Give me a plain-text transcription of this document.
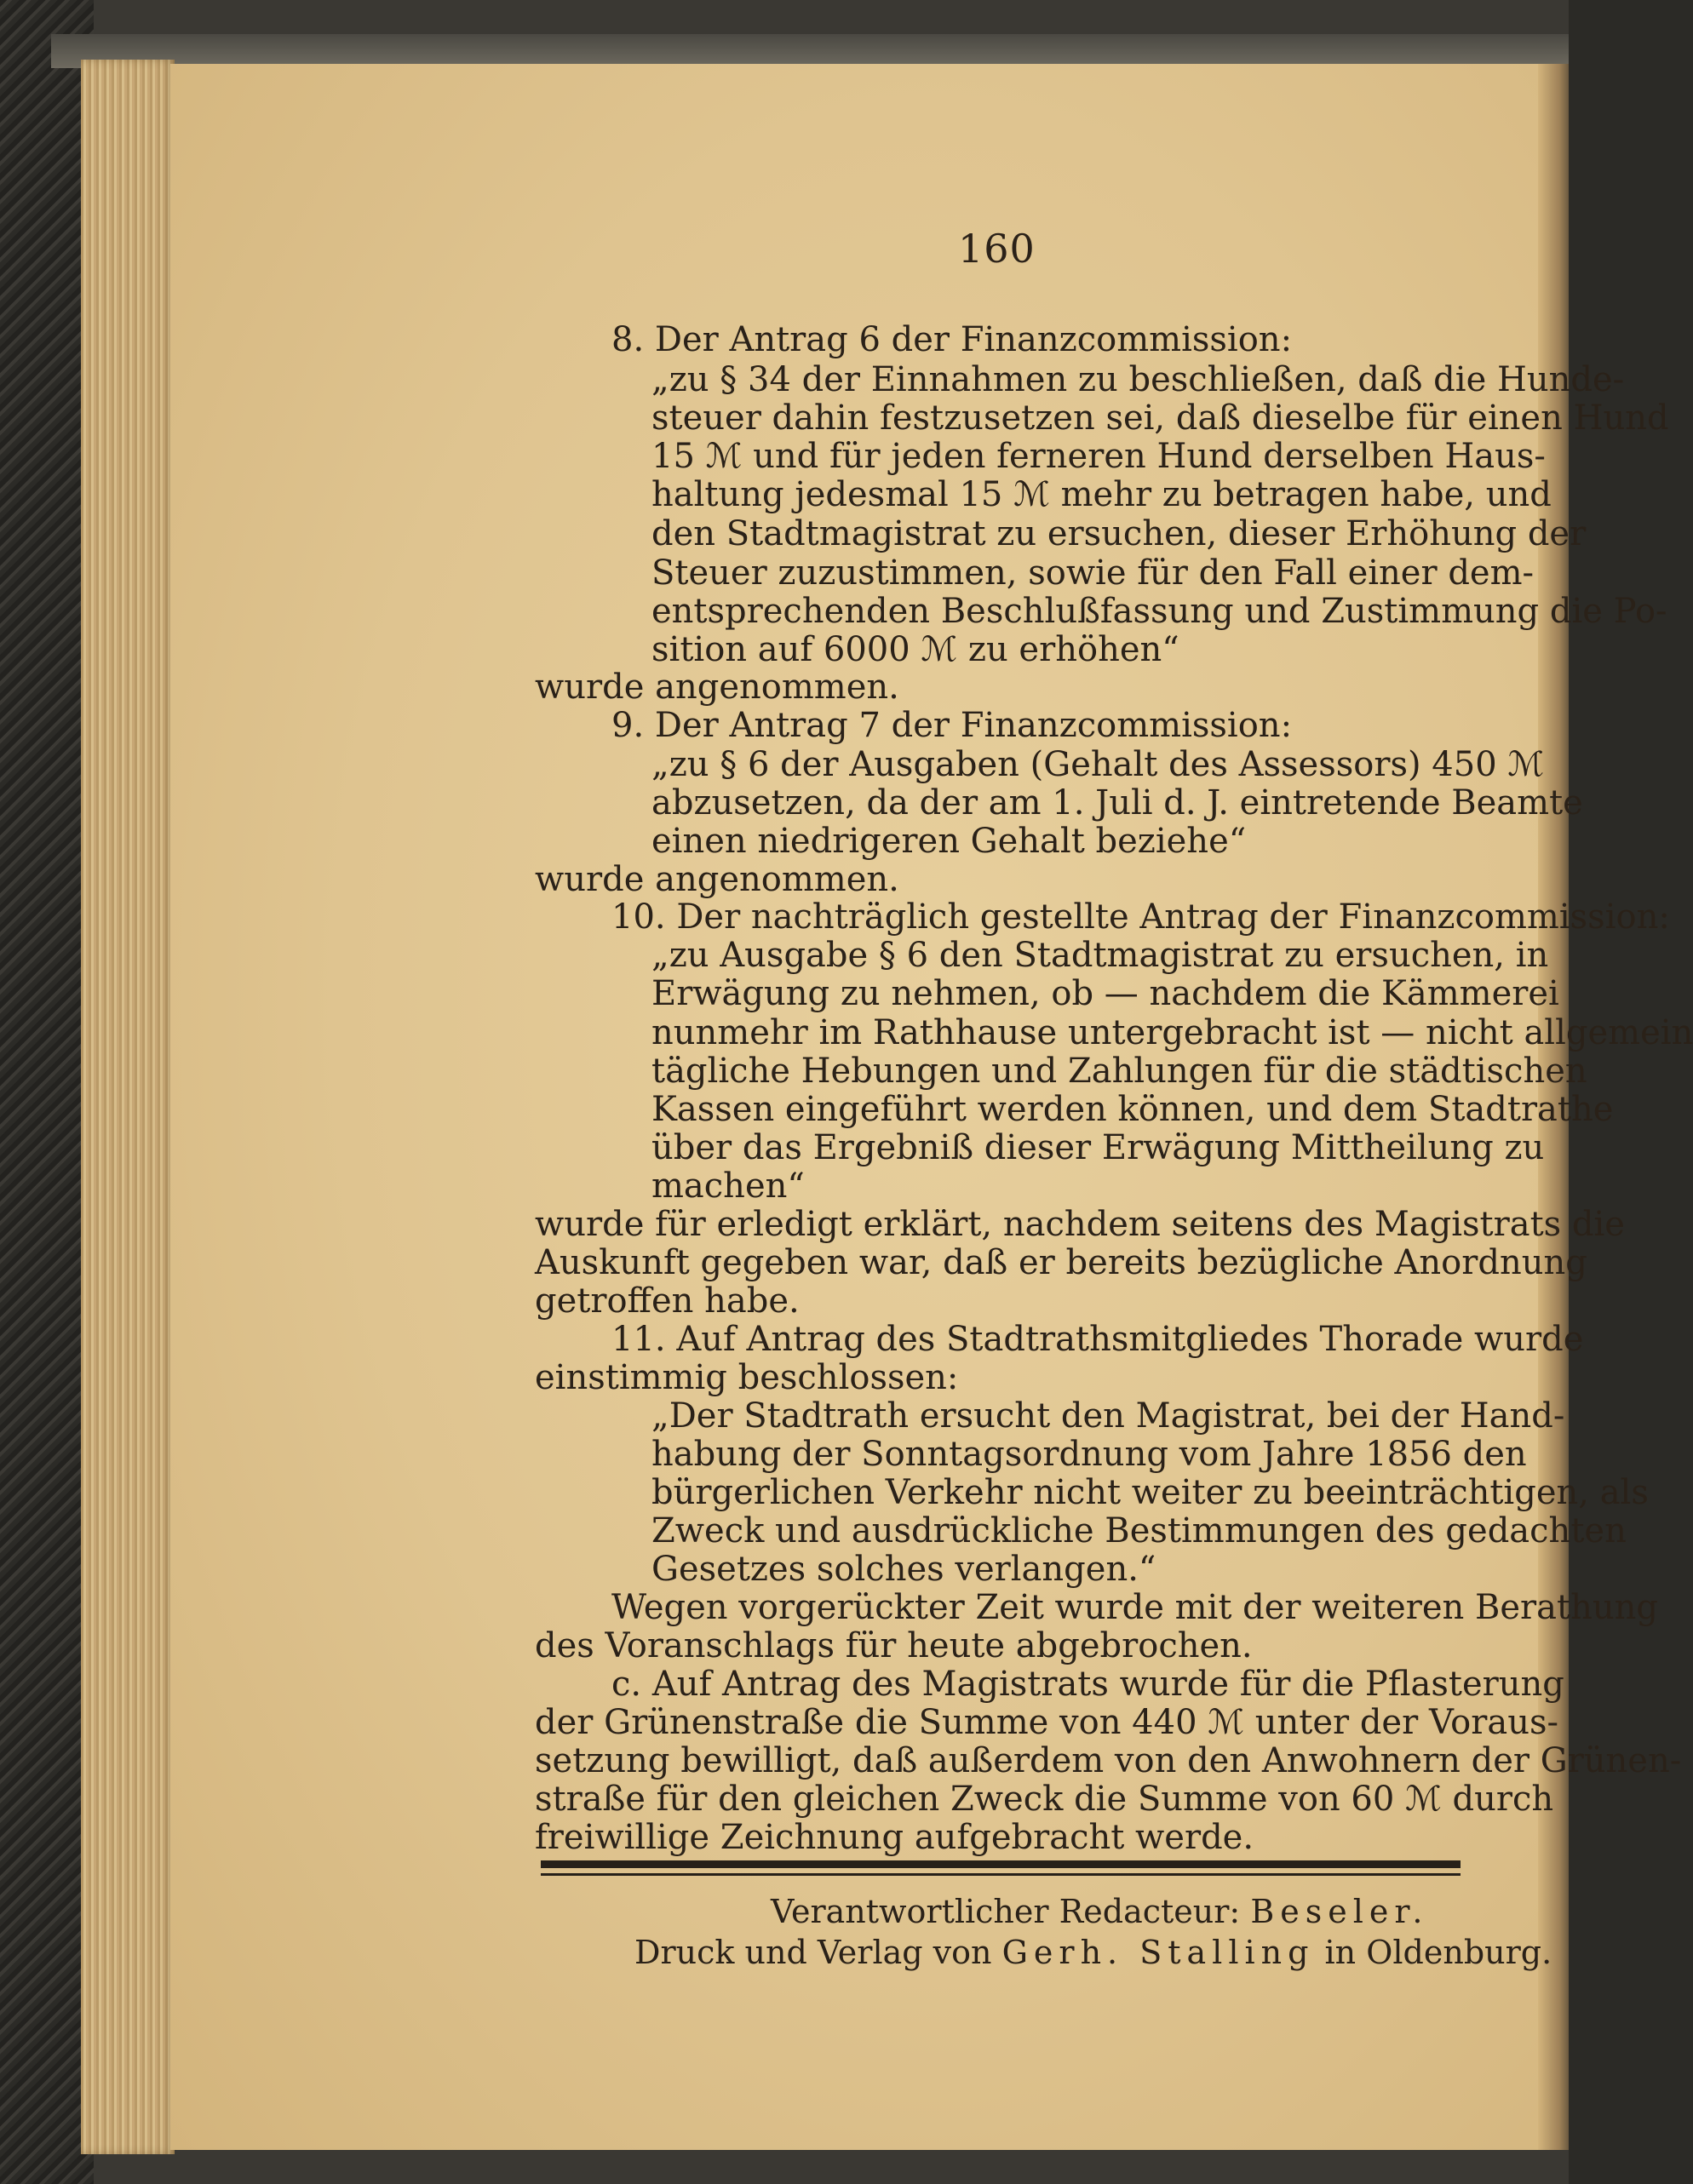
160

8. Der Antrag 6 der Finanzcommission:

„zu § 34 der Einnahmen zu beschließen, daß die Hunde-

steuer dahin festzusetzen sei, daß dieselbe für einen Hund

15 ℳ und für jeden ferneren Hund derselben Haus-

haltung jedesmal 15 ℳ mehr zu betragen habe, und

den Stadtmagistrat zu ersuchen, dieser Erhöhung der

Steuer zuzustimmen, sowie für den Fall einer dem-

entsprechenden Beschlußfassung und Zustimmung die Po-

sition auf 6000 ℳ zu erhöhen“

wurde angenommen.

9. Der Antrag 7 der Finanzcommission:

„zu § 6 der Ausgaben (Gehalt des Assessors) 450 ℳ

abzusetzen, da der am 1. Juli d. J. eintretende Beamte

einen niedrigeren Gehalt beziehe“

wurde angenommen.

10. Der nachträglich gestellte Antrag der Finanzcommission:

„zu Ausgabe § 6 den Stadtmagistrat zu ersuchen, in

Erwägung zu nehmen, ob — nachdem die Kämmerei

nunmehr im Rathhause untergebracht ist — nicht allgemein

tägliche Hebungen und Zahlungen für die städtischen

Kassen eingeführt werden können, und dem Stadtrathe

über das Ergebniß dieser Erwägung Mittheilung zu

machen“

wurde für erledigt erklärt, nachdem seitens des Magistrats die

Auskunft gegeben war, daß er bereits bezügliche Anordnung

getroffen habe.

11. Auf Antrag des Stadtrathsmitgliedes Thorade wurde

einstimmig beschlossen:

„Der Stadtrath ersucht den Magistrat, bei der Hand-

habung der Sonntagsordnung vom Jahre 1856 den

bürgerlichen Verkehr nicht weiter zu beeinträchtigen, als

Zweck und ausdrückliche Bestimmungen des gedachten

Gesetzes solches verlangen.“

Wegen vorgerückter Zeit wurde mit der weiteren Berathung

des Voranschlags für heute abgebrochen.

c. Auf Antrag des Magistrats wurde für die Pflasterung

der Grünenstraße die Summe von 440 ℳ unter der Voraus-

setzung bewilligt, daß außerdem von den Anwohnern der Grünen-

straße für den gleichen Zweck die Summe von 60 ℳ durch

freiwillige Zeichnung aufgebracht werde.

Verantwortlicher Redacteur: Beseler.
Druck und Verlag von Gerh. Stalling in Oldenburg.
